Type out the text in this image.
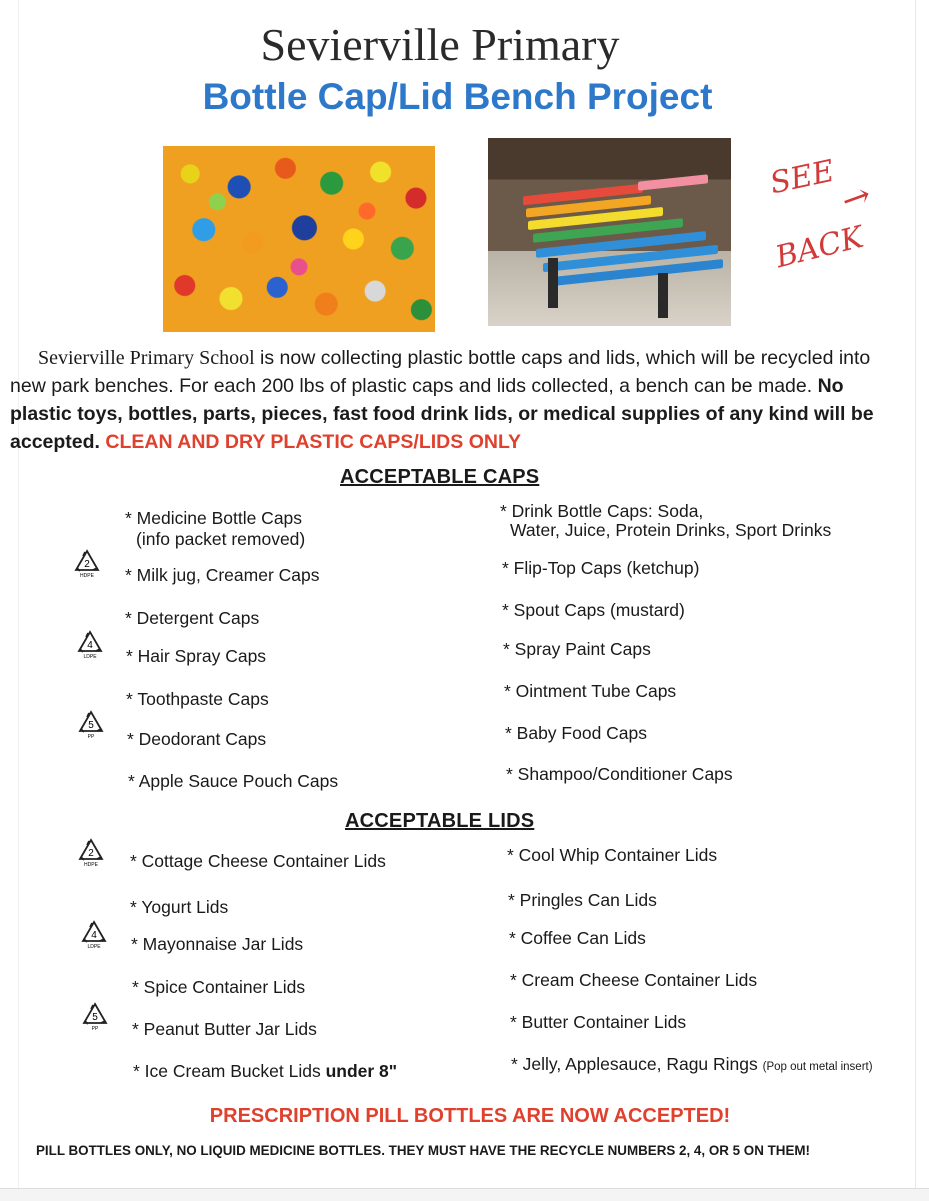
Sevierville Primary
Bottle Cap/Lid Bench Project
SEE
→
BACK
Sevierville Primary School is now collecting plastic bottle caps and lids, which will be recycled into new park benches. For each 200 lbs of plastic caps and lids collected, a bench can be made. No plastic toys, bottles, parts, pieces, fast food drink lids, or medical supplies of any kind will be accepted. CLEAN AND DRY PLASTIC CAPS/LIDS ONLY
ACCEPTABLE CAPS
* Medicine Bottle Caps
(info packet removed)
* Milk jug, Creamer Caps
* Detergent Caps
* Hair Spray Caps
* Toothpaste Caps
* Deodorant Caps
* Apple Sauce Pouch Caps
* Drink Bottle Caps: Soda,
Water, Juice, Protein Drinks, Sport Drinks
* Flip-Top Caps (ketchup)
* Spout Caps (mustard)
* Spray Paint Caps
* Ointment Tube Caps
* Baby Food Caps
* Shampoo/Conditioner Caps
ACCEPTABLE LIDS
* Cottage Cheese Container Lids
* Yogurt Lids
* Mayonnaise Jar Lids
* Spice Container Lids
* Peanut Butter Jar Lids
* Ice Cream Bucket Lids under 8"
* Cool Whip Container Lids
* Pringles Can Lids
* Coffee Can Lids
* Cream Cheese Container Lids
* Butter Container Lids
* Jelly, Applesauce, Ragu Rings (Pop out metal insert)
2
HDPE
4
LDPE
5
PP
2
HDPE
4
LDPE
5
PP
PRESCRIPTION PILL BOTTLES ARE NOW ACCEPTED!
PILL BOTTLES ONLY, NO LIQUID MEDICINE BOTTLES. THEY MUST HAVE THE RECYCLE NUMBERS 2, 4, OR 5 ON THEM!
